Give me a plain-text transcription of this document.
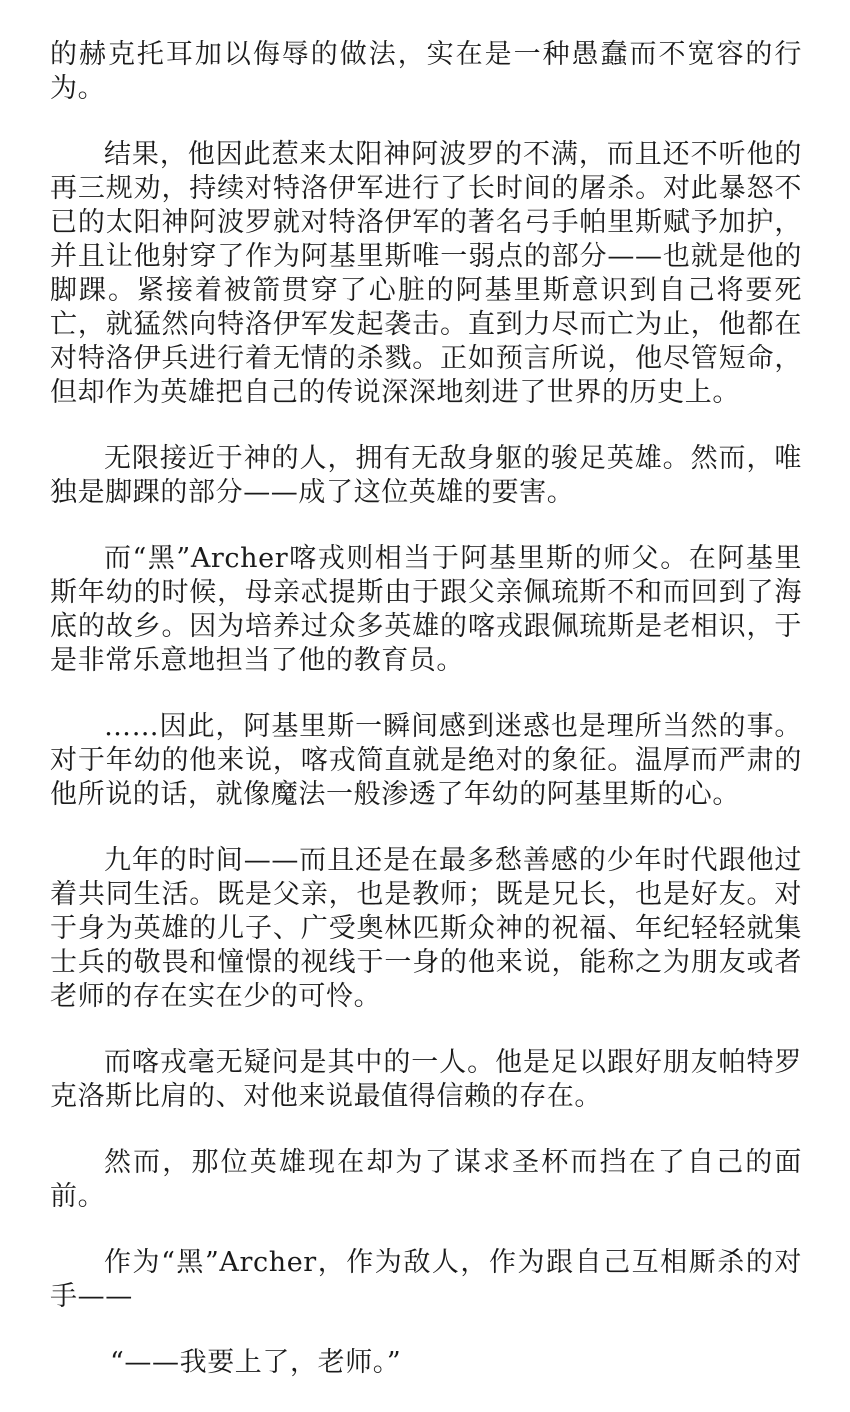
的赫克托耳加以侮辱的做法，实在是一种愚蠢而不宽容的行为。

结果，他因此惹来太阳神阿波罗的不满，而且还不听他的再三规劝，持续对特洛伊军进行了长时间的屠杀。对此暴怒不已的太阳神阿波罗就对特洛伊军的著名弓手帕里斯赋予加护，并且让他射穿了作为阿基里斯唯一弱点的部分——也就是他的脚踝。紧接着被箭贯穿了心脏的阿基里斯意识到自己将要死亡，就猛然向特洛伊军发起袭击。直到力尽而亡为止，他都在对特洛伊兵进行着无情的杀戮。正如预言所说，他尽管短命，但却作为英雄把自己的传说深深地刻进了世界的历史上。

无限接近于神的人，拥有无敌身躯的骏足英雄。然而，唯独是脚踝的部分——成了这位英雄的要害。

而“黑”Archer喀戎则相当于阿基里斯的师父。在阿基里斯年幼的时候，母亲忒提斯由于跟父亲佩琉斯不和而回到了海底的故乡。因为培养过众多英雄的喀戎跟佩琉斯是老相识，于是非常乐意地担当了他的教育员。

……因此，阿基里斯一瞬间感到迷惑也是理所当然的事。对于年幼的他来说，喀戎简直就是绝对的象征。温厚而严肃的他所说的话，就像魔法一般渗透了年幼的阿基里斯的心。

九年的时间——而且还是在最多愁善感的少年时代跟他过着共同生活。既是父亲，也是教师；既是兄长，也是好友。对于身为英雄的儿子、广受奥林匹斯众神的祝福、年纪轻轻就集士兵的敬畏和憧憬的视线于一身的他来说，能称之为朋友或者老师的存在实在少的可怜。

而喀戎毫无疑问是其中的一人。他是足以跟好朋友帕特罗克洛斯比肩的、对他来说最值得信赖的存在。

然而，那位英雄现在却为了谋求圣杯而挡在了自己的面前。

作为“黑”Archer，作为敌人，作为跟自己互相厮杀的对手——

“——我要上了，老师。”
